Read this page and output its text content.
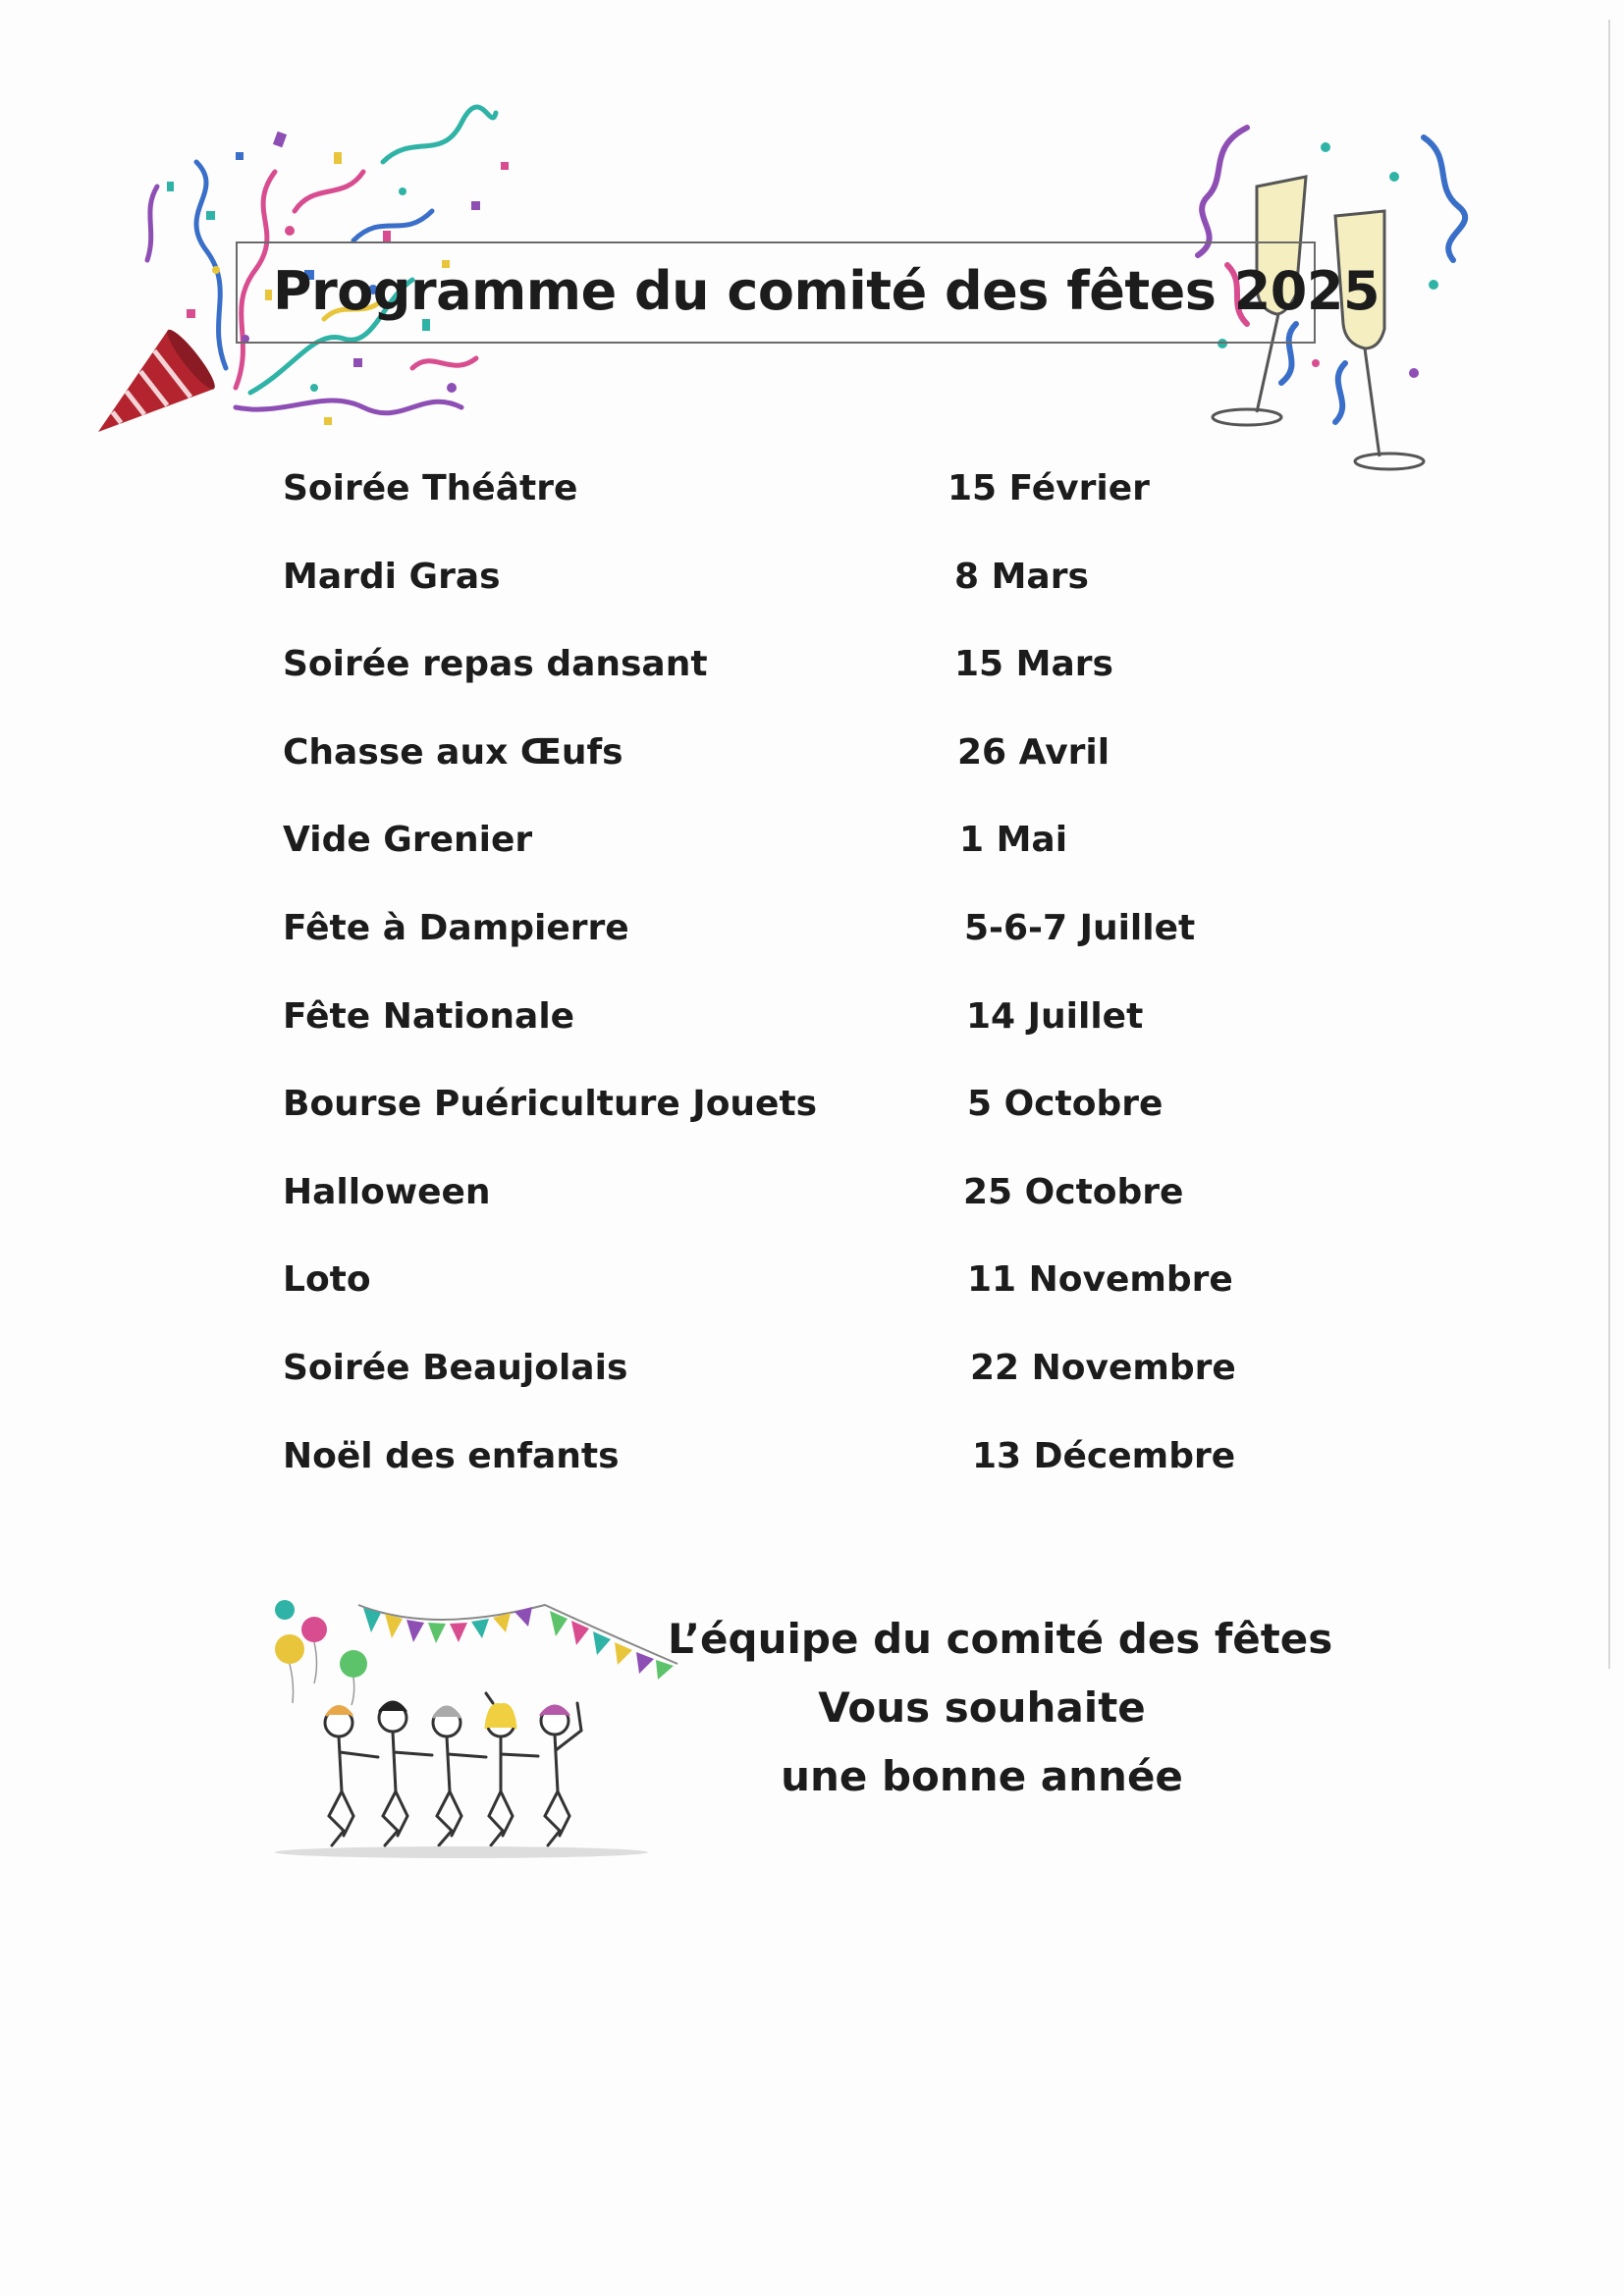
Programme du comité des fêtes 2025
Soirée Théâtre	15 Février
Mardi Gras	8 Mars
Soirée repas dansant	15 Mars
Chasse aux Œufs	26 Avril
Vide Grenier	1 Mai
Fête à Dampierre	5-6-7 Juillet
Fête Nationale	14 Juillet
Bourse Puériculture Jouets	5 Octobre
Halloween	25 Octobre
Loto	11 Novembre
Soirée Beaujolais	22 Novembre
Noël des enfants	13 Décembre
L’équipe du comité des fêtes
Vous souhaite
une bonne année
